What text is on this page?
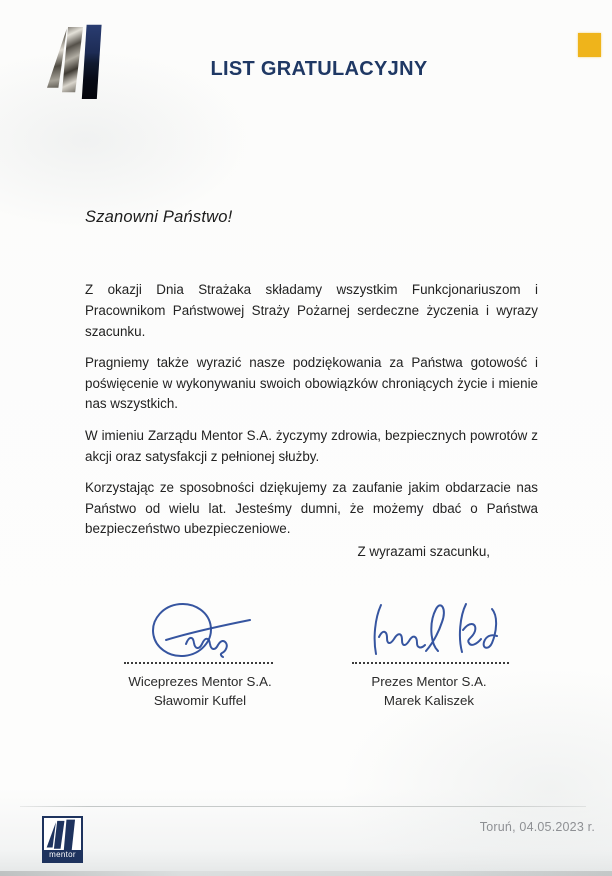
LIST GRATULACYJNY
Szanowni Państwo!

Z okazji Dnia Strażaka składamy wszystkim Funkcjonariuszom i Pracownikom Państwowej Straży Pożarnej serdeczne życzenia i wyrazy szacunku.

Pragniemy także wyrazić nasze podziękowania za Państwa gotowość i poświęcenie w wykonywaniu swoich obowiązków chroniących życie i mienie nas wszystkich.

W imieniu Zarządu Mentor S.A. życzymy zdrowia, bezpiecznych powrotów z akcji oraz satysfakcji z pełnionej służby.

Korzystając ze sposobności dziękujemy za zaufanie jakim obdarzacie nas Państwo od wielu lat. Jesteśmy dumni, że możemy dbać o Państwa bezpieczeństwo ubezpieczeniowe.

Z wyrazami szacunku,
Wiceprezes Mentor S.A.
Sławomir Kuffel
Prezes Mentor S.A.
Marek Kaliszek
mentor
Toruń, 04.05.2023 r.
